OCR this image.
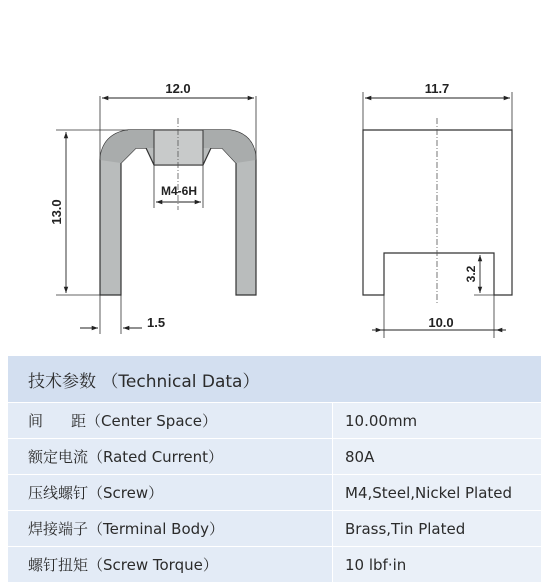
12.0
13.0
M4-6H
1.5
11.7
3.2
10.0
技术参数 （Technical Data）	
间 距（Center Space）	10.00mm
额定电流（Rated Current）	80A
压线螺钉（Screw）	M4,Steel,Nickel Plated
焊接端子（Terminal Body）	Brass,Tin Plated
螺钉扭矩（Screw Torque）	10 lbf·in
